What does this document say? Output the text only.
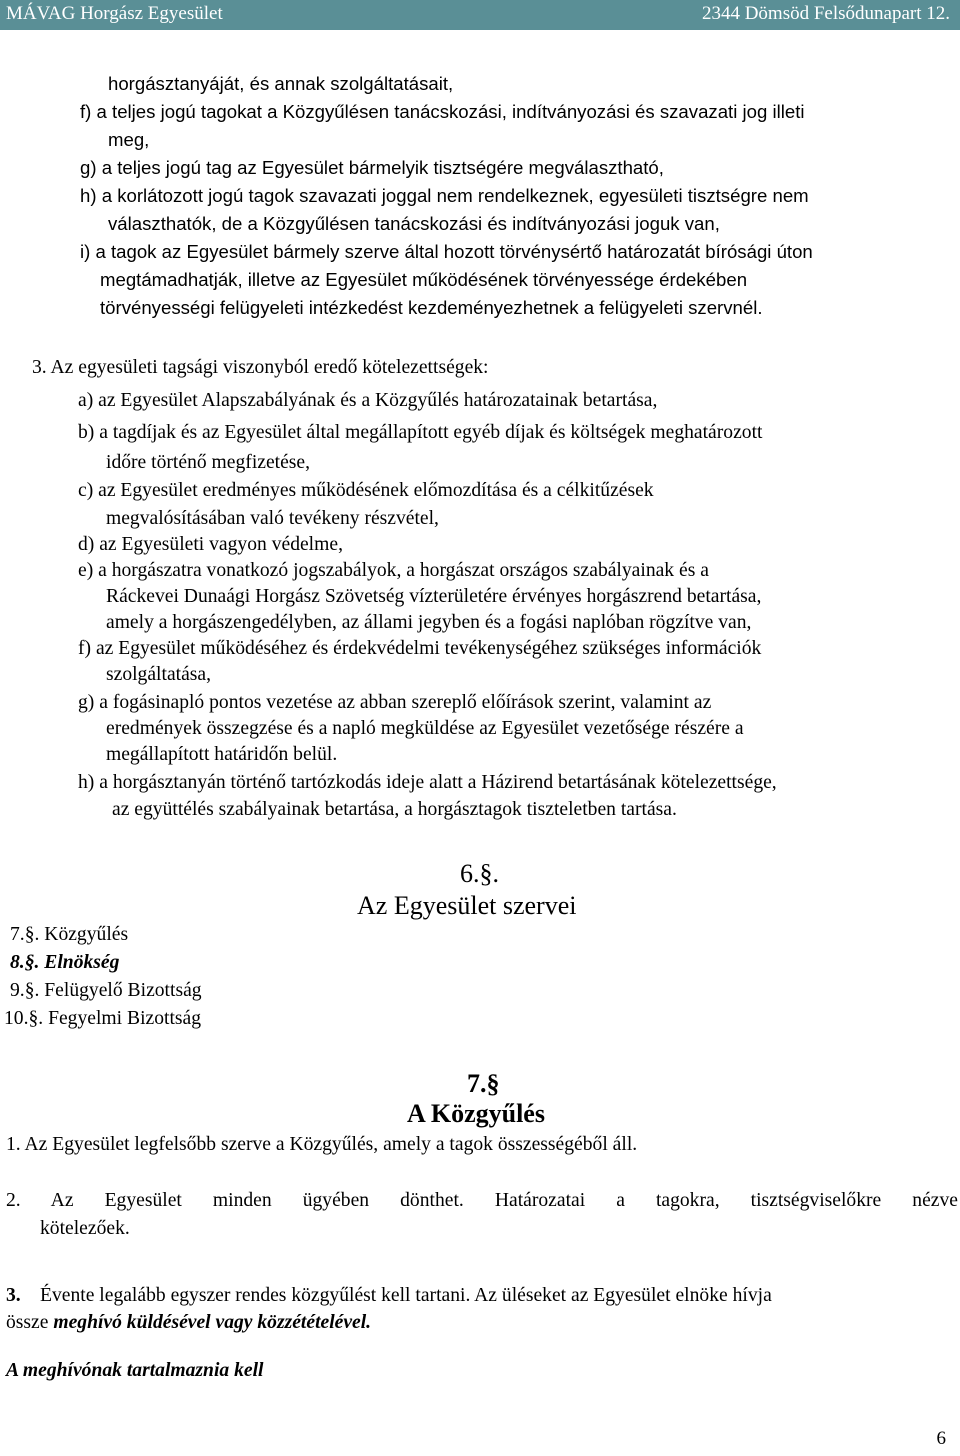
MÁVAG Horgász Egyesület	2344 Dömsöd Felsődunapart 12.
horgásztanyáját, és annak szolgáltatásait,
f) a teljes jogú tagokat a Közgyűlésen tanácskozási, indítványozási és szavazati jog illeti
meg,
g) a teljes jogú tag az Egyesület bármelyik tisztségére megválasztható,
h) a korlátozott jogú tagok szavazati joggal nem rendelkeznek, egyesületi tisztségre nem
választhatók, de a Közgyűlésen tanácskozási és indítványozási joguk van,
i) a tagok az Egyesület bármely szerve által hozott törvénysértő határozatát bírósági úton
megtámadhatják, illetve az Egyesület működésének törvényessége érdekében
törvényességi felügyeleti intézkedést kezdeményezhetnek a felügyeleti szervnél.
3. Az egyesületi tagsági viszonyból eredő kötelezettségek:
a) az Egyesület Alapszabályának és a Közgyűlés határozatainak betartása,
b) a tagdíjak és az Egyesület által megállapított egyéb díjak és költségek meghatározott
időre történő megfizetése,
c) az Egyesület eredményes működésének előmozdítása és a célkitűzések
megvalósításában való tevékeny részvétel,
d) az Egyesületi vagyon védelme,
e) a horgászatra vonatkozó jogszabályok, a horgászat országos szabályainak és a
Ráckevei Dunaági Horgász Szövetség vízterületére érvényes horgászrend betartása,
amely a horgászengedélyben, az állami jegyben és a fogási naplóban rögzítve van,
f) az Egyesület működéséhez és érdekvédelmi tevékenységéhez szükséges információk
szolgáltatása,
g) a fogásinapló pontos vezetése az abban szereplő előírások szerint, valamint az
eredmények összegzése és a napló megküldése az Egyesület vezetősége részére a
megállapított határidőn belül.
h) a horgásztanyán történő tartózkodás ideje alatt a Házirend betartásának kötelezettsége,
az együttélés szabályainak betartása, a horgásztagok tiszteletben tartása.
6.§.
Az Egyesület szervei
7.§. Közgyűlés
8.§. Elnökség
9.§. Felügyelő Bizottság
10.§. Fegyelmi Bizottság
7.§
A Közgyűlés
1. Az Egyesület legfelsőbb szerve a Közgyűlés, amely a tagok összességéből áll.
2. Az Egyesület minden ügyében dönthet. Határozatai a tagokra, tisztségviselőkre nézve
kötelezőek.
3. Évente legalább egyszer rendes közgyűlést kell tartani. Az üléseket az Egyesület elnöke hívja
össze meghívó küldésével vagy közzétételével.
A meghívónak tartalmaznia kell
6
